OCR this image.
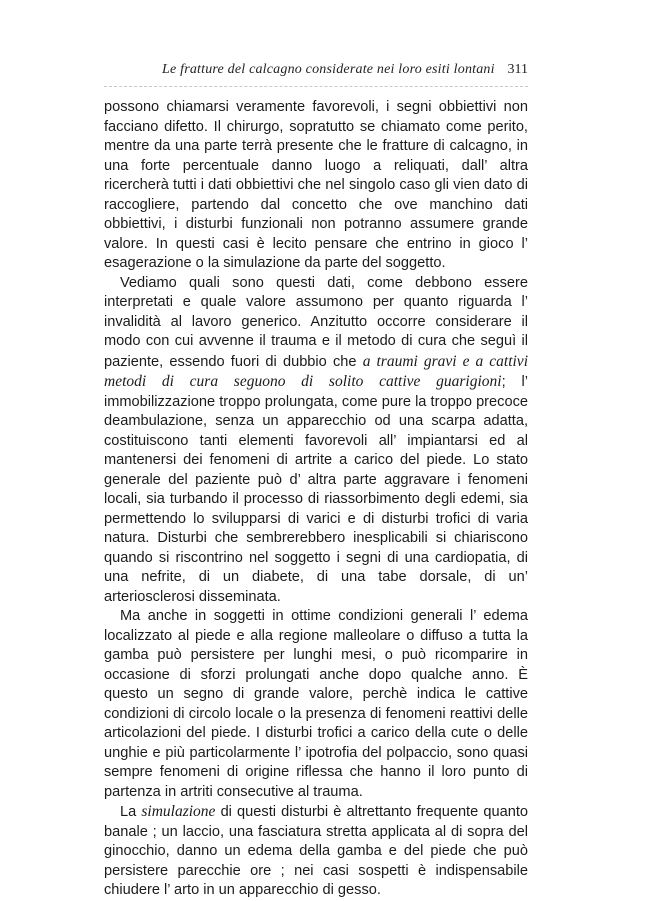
Le fratture del calcagno considerate nei loro esiti lontani 311

possono chiamarsi veramente favorevoli, i segni obbiettivi non facciano difetto. Il chirurgo, sopratutto se chiamato come perito, mentre da una parte terrà presente che le fratture di calcagno, in una forte percentuale danno luogo a reliquati, dall’ altra ricercherà tutti i dati obbiettivi che nel singolo caso gli vien dato di raccogliere, partendo dal concetto che ove manchino dati obbiettivi, i disturbi funzionali non potranno assumere grande valore. In questi casi è lecito pensare che entrino in gioco l’ esagerazione o la simulazione da parte del soggetto.

Vediamo quali sono questi dati, come debbono essere interpretati e quale valore assumono per quanto riguarda l’ invalidità al lavoro generico. Anzitutto occorre considerare il modo con cui avvenne il trauma e il metodo di cura che seguì il paziente, essendo fuori di dubbio che a traumi gravi e a cattivi metodi di cura seguono di solito cattive guarigioni; l’ immobilizzazione troppo prolungata, come pure la troppo precoce deambulazione, senza un apparecchio od una scarpa adatta, costituiscono tanti elementi favorevoli all’ impiantarsi ed al mantenersi dei fenomeni di artrite a carico del piede. Lo stato generale del paziente può d’ altra parte aggravare i fenomeni locali, sia turbando il processo di riassorbimento degli edemi, sia permettendo lo svilupparsi di varici e di disturbi trofici di varia natura. Disturbi che sembrerebbero inesplicabili si chiariscono quando si riscontrino nel soggetto i segni di una cardiopatia, di una nefrite, di un diabete, di una tabe dorsale, di un’ arteriosclerosi disseminata.

Ma anche in soggetti in ottime condizioni generali l’ edema localizzato al piede e alla regione malleolare o diffuso a tutta la gamba può persistere per lunghi mesi, o può ricomparire in occasione di sforzi prolungati anche dopo qualche anno. È questo un segno di grande valore, perchè indica le cattive condizioni di circolo locale o la presenza di fenomeni reattivi delle articolazioni del piede. I disturbi trofici a carico della cute o delle unghie e più particolarmente l’ ipotrofia del polpaccio, sono quasi sempre fenomeni di origine riflessa che hanno il loro punto di partenza in artriti consecutive al trauma.

La simulazione di questi disturbi è altrettanto frequente quanto banale ; un laccio, una fasciatura stretta applicata al di sopra del ginocchio, danno un edema della gamba e del piede che può persistere parecchie ore ; nei casi sospetti è indispensabile chiudere l’ arto in un apparecchio di gesso.
